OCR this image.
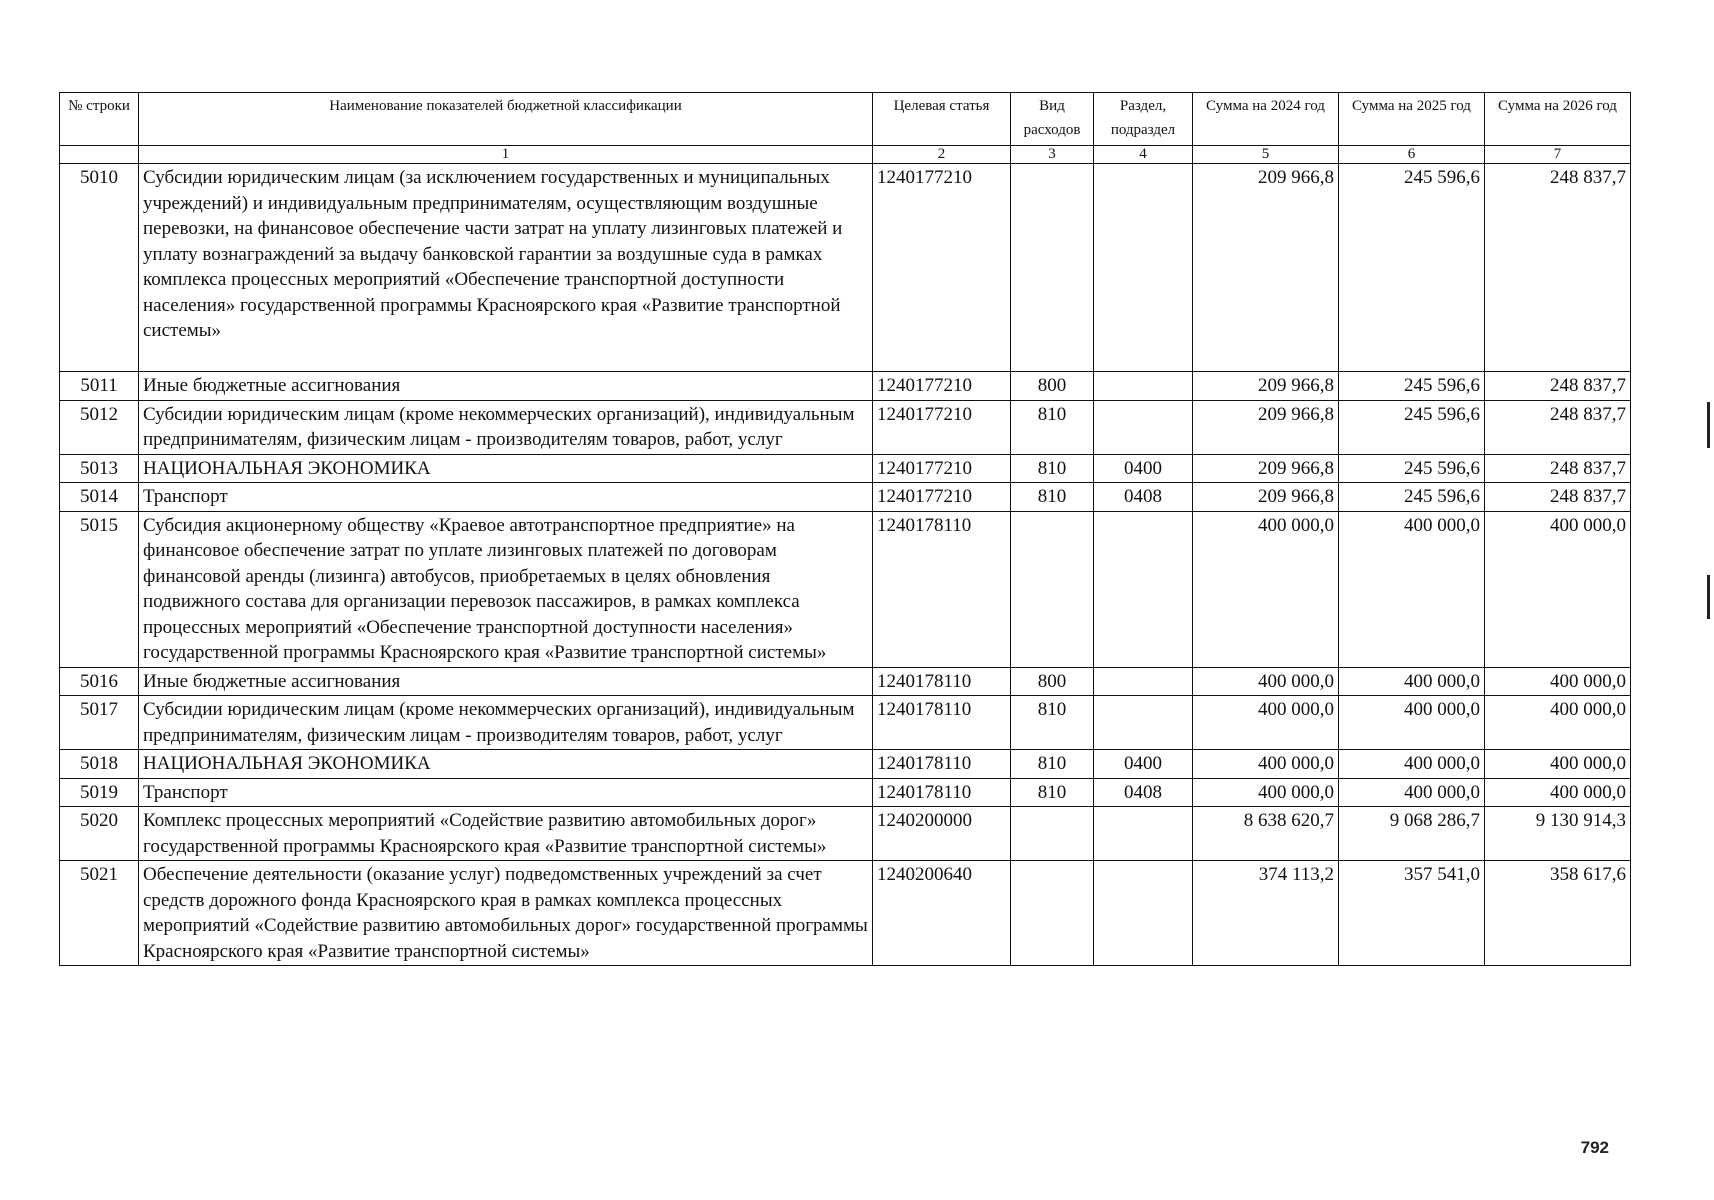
№ строки	Наименование показателей бюджетной классификации	Целевая статья	Вид расходов	Раздел, подраздел	Сумма на 2024 год	Сумма на 2025 год	Сумма на 2026 год
	1	2	3	4	5	6	7
5010	Субсидии юридическим лицам (за исключением государственных и муниципальных учреждений) и индивидуальным предпринимателям, осуществляющим воздушные перевозки, на финансовое обеспечение части затрат на уплату лизинговых платежей и уплату вознаграждений за выдачу банковской гарантии за воздушные суда в рамках комплекса процессных мероприятий «Обеспечение транспортной доступности населения» государственной программы Красноярского края «Развитие транспортной системы»	1240177210			209 966,8	245 596,6	248 837,7
5011	Иные бюджетные ассигнования	1240177210	800		209 966,8	245 596,6	248 837,7
5012	Субсидии юридическим лицам (кроме некоммерческих организаций), индивидуальным предпринимателям, физическим лицам - производителям товаров, работ, услуг	1240177210	810		209 966,8	245 596,6	248 837,7
5013	НАЦИОНАЛЬНАЯ ЭКОНОМИКА	1240177210	810	0400	209 966,8	245 596,6	248 837,7
5014	Транспорт	1240177210	810	0408	209 966,8	245 596,6	248 837,7
5015	Субсидия акционерному обществу «Краевое автотранспортное предприятие» на финансовое обеспечение затрат по уплате лизинговых платежей по договорам финансовой аренды (лизинга) автобусов, приобретаемых в целях обновления подвижного состава для организации перевозок пассажиров, в рамках комплекса процессных мероприятий «Обеспечение транспортной доступности населения» государственной программы Красноярского края «Развитие транспортной системы»	1240178110			400 000,0	400 000,0	400 000,0
5016	Иные бюджетные ассигнования	1240178110	800		400 000,0	400 000,0	400 000,0
5017	Субсидии юридическим лицам (кроме некоммерческих организаций), индивидуальным предпринимателям, физическим лицам - производителям товаров, работ, услуг	1240178110	810		400 000,0	400 000,0	400 000,0
5018	НАЦИОНАЛЬНАЯ ЭКОНОМИКА	1240178110	810	0400	400 000,0	400 000,0	400 000,0
5019	Транспорт	1240178110	810	0408	400 000,0	400 000,0	400 000,0
5020	Комплекс процессных мероприятий «Содействие развитию автомобильных дорог» государственной программы Красноярского края «Развитие транспортной системы»	1240200000			8 638 620,7	9 068 286,7	9 130 914,3
5021	Обеспечение деятельности (оказание услуг) подведомственных учреждений за счет средств дорожного фонда Красноярского края в рамках комплекса процессных мероприятий «Содействие развитию автомобильных дорог» государственной программы Красноярского края «Развитие транспортной системы»	1240200640			374 113,2	357 541,0	358 617,6
792
